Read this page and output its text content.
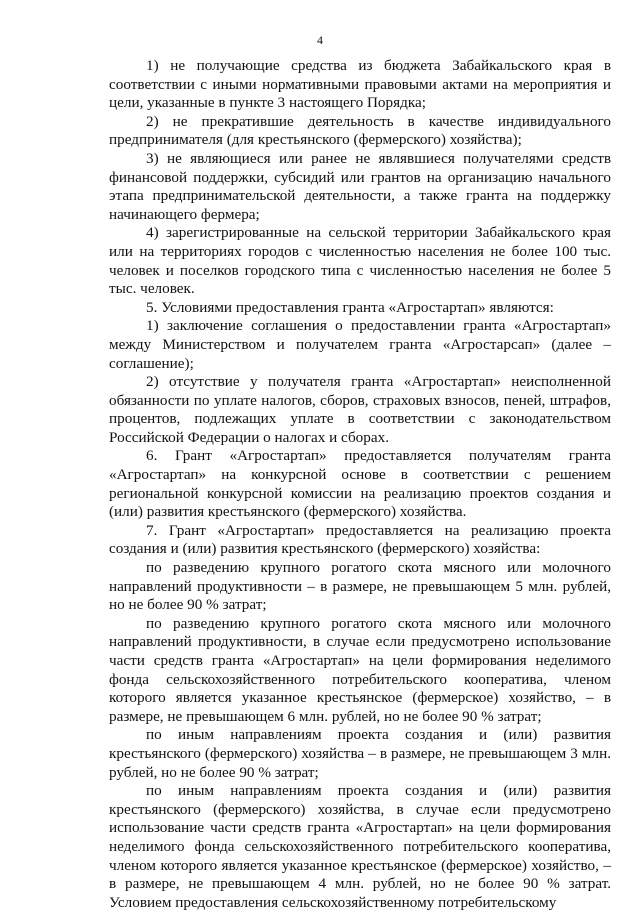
4

1) не получающие средства из бюджета Забайкальского края в соответствии с иными нормативными правовыми актами на мероприятия и цели, указанные в пункте 3 настоящего Порядка;

2) не прекратившие деятельность в качестве индивидуального предпринимателя (для крестьянского (фермерского) хозяйства);

3) не являющиеся или ранее не являвшиеся получателями средств финансовой поддержки, субсидий или грантов на организацию начального этапа предпринимательской деятельности, а также гранта на поддержку начинающего фермера;

4) зарегистрированные на сельской территории Забайкальского края или на территориях городов с численностью населения не более 100 тыс. человек и поселков городского типа с численностью населения не более 5 тыс. человек.

5. Условиями предоставления гранта «Агростартап» являются:

1) заключение соглашения о предоставлении гранта «Агростартап» между Министерством и получателем гранта «Агростарсап» (далее – соглашение);

2) отсутствие у получателя гранта «Агростартап» неисполненной обязанности по уплате налогов, сборов, страховых взносов, пеней, штрафов, процентов, подлежащих уплате в соответствии с законодательством Российской Федерации о налогах и сборах.

6. Грант «Агростартап» предоставляется получателям гранта «Агростартап» на конкурсной основе в соответствии с решением региональной конкурсной комиссии на реализацию проектов создания и (или) развития крестьянского (фермерского) хозяйства.

7. Грант «Агростартап» предоставляется на реализацию проекта создания и (или) развития крестьянского (фермерского) хозяйства:

по разведению крупного рогатого скота мясного или молочного направлений продуктивности – в размере, не превышающем 5 млн. рублей, но не более 90 % затрат;

по разведению крупного рогатого скота мясного или молочного направлений продуктивности, в случае если предусмотрено использование части средств гранта «Агростартап» на цели формирования неделимого фонда сельскохозяйственного потребительского кооператива, членом которого является указанное крестьянское (фермерское) хозяйство, – в размере, не превышающем 6 млн. рублей, но не более 90 % затрат;

по иным направлениям проекта создания и (или) развития крестьянского (фермерского) хозяйства – в размере, не превышающем 3 млн. рублей, но не более 90 % затрат;

по иным направлениям проекта создания и (или) развития крестьянского (фермерского) хозяйства, в случае если предусмотрено использование части средств гранта «Агростартап» на цели формирования неделимого фонда сельскохозяйственного потребительского кооператива, членом которого является указанное крестьянское (фермерское) хозяйство, – в размере, не превышающем 4 млн. рублей, но не более 90 % затрат. Условием предоставления сельскохозяйственному потребительскому
